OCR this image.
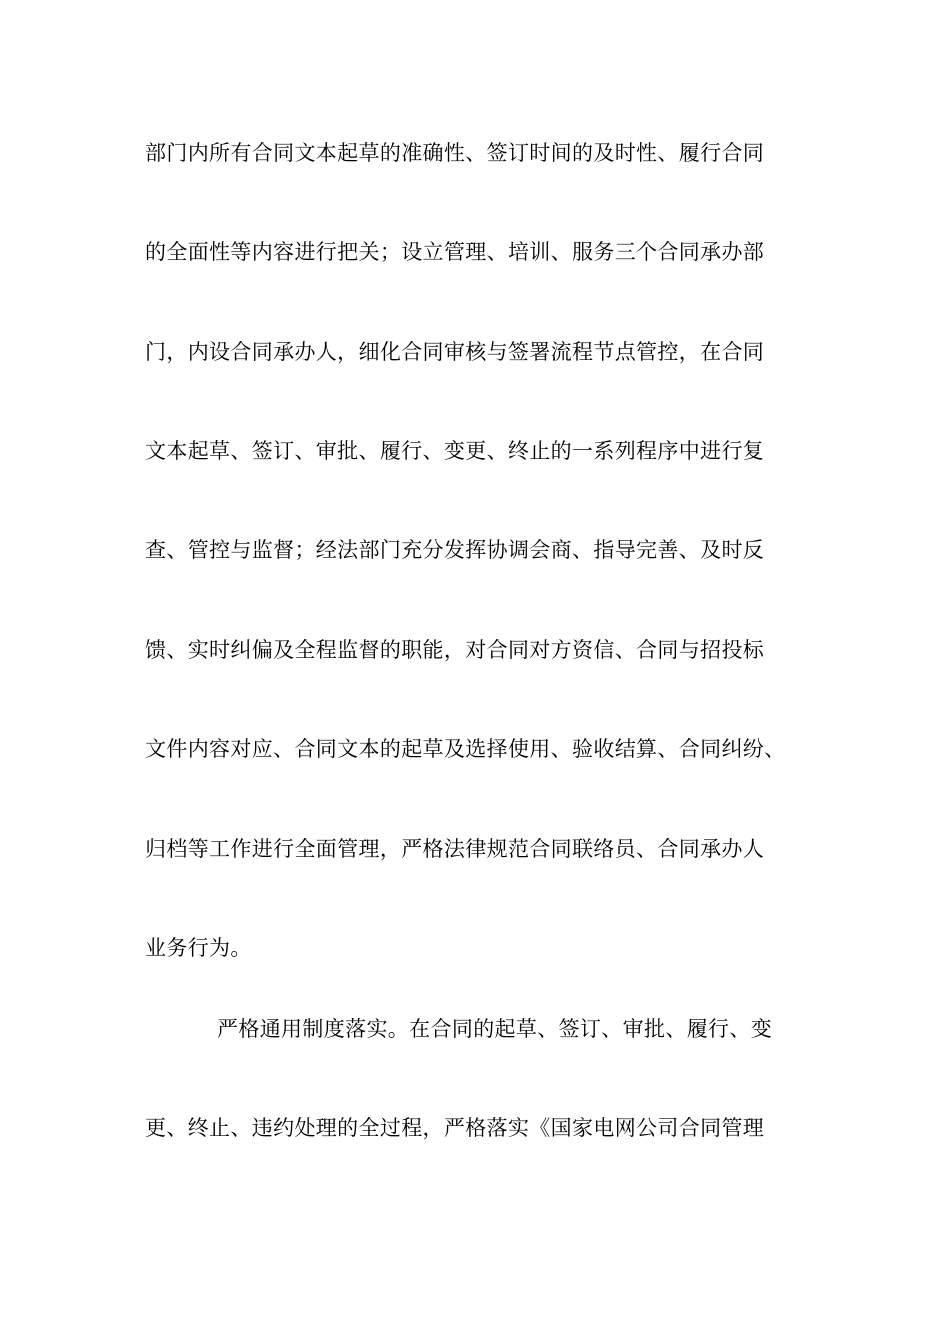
部门内所有合同文本起草的准确性、签订时间的及时性、履行合同
的全面性等内容进行把关；设立管理、培训、服务三个合同承办部
门，内设合同承办人，细化合同审核与签署流程节点管控，在合同
文本起草、签订、审批、履行、变更、终止的一系列程序中进行复
查、管控与监督；经法部门充分发挥协调会商、指导完善、及时反
馈、实时纠偏及全程监督的职能，对合同对方资信、合同与招投标
文件内容对应、合同文本的起草及选择使用、验收结算、合同纠纷、
归档等工作进行全面管理，严格法律规范合同联络员、合同承办人
业务行为。
严格通用制度落实。在合同的起草、签订、审批、履行、变
更、终止、违约处理的全过程，严格落实《国家电网公司合同管理
